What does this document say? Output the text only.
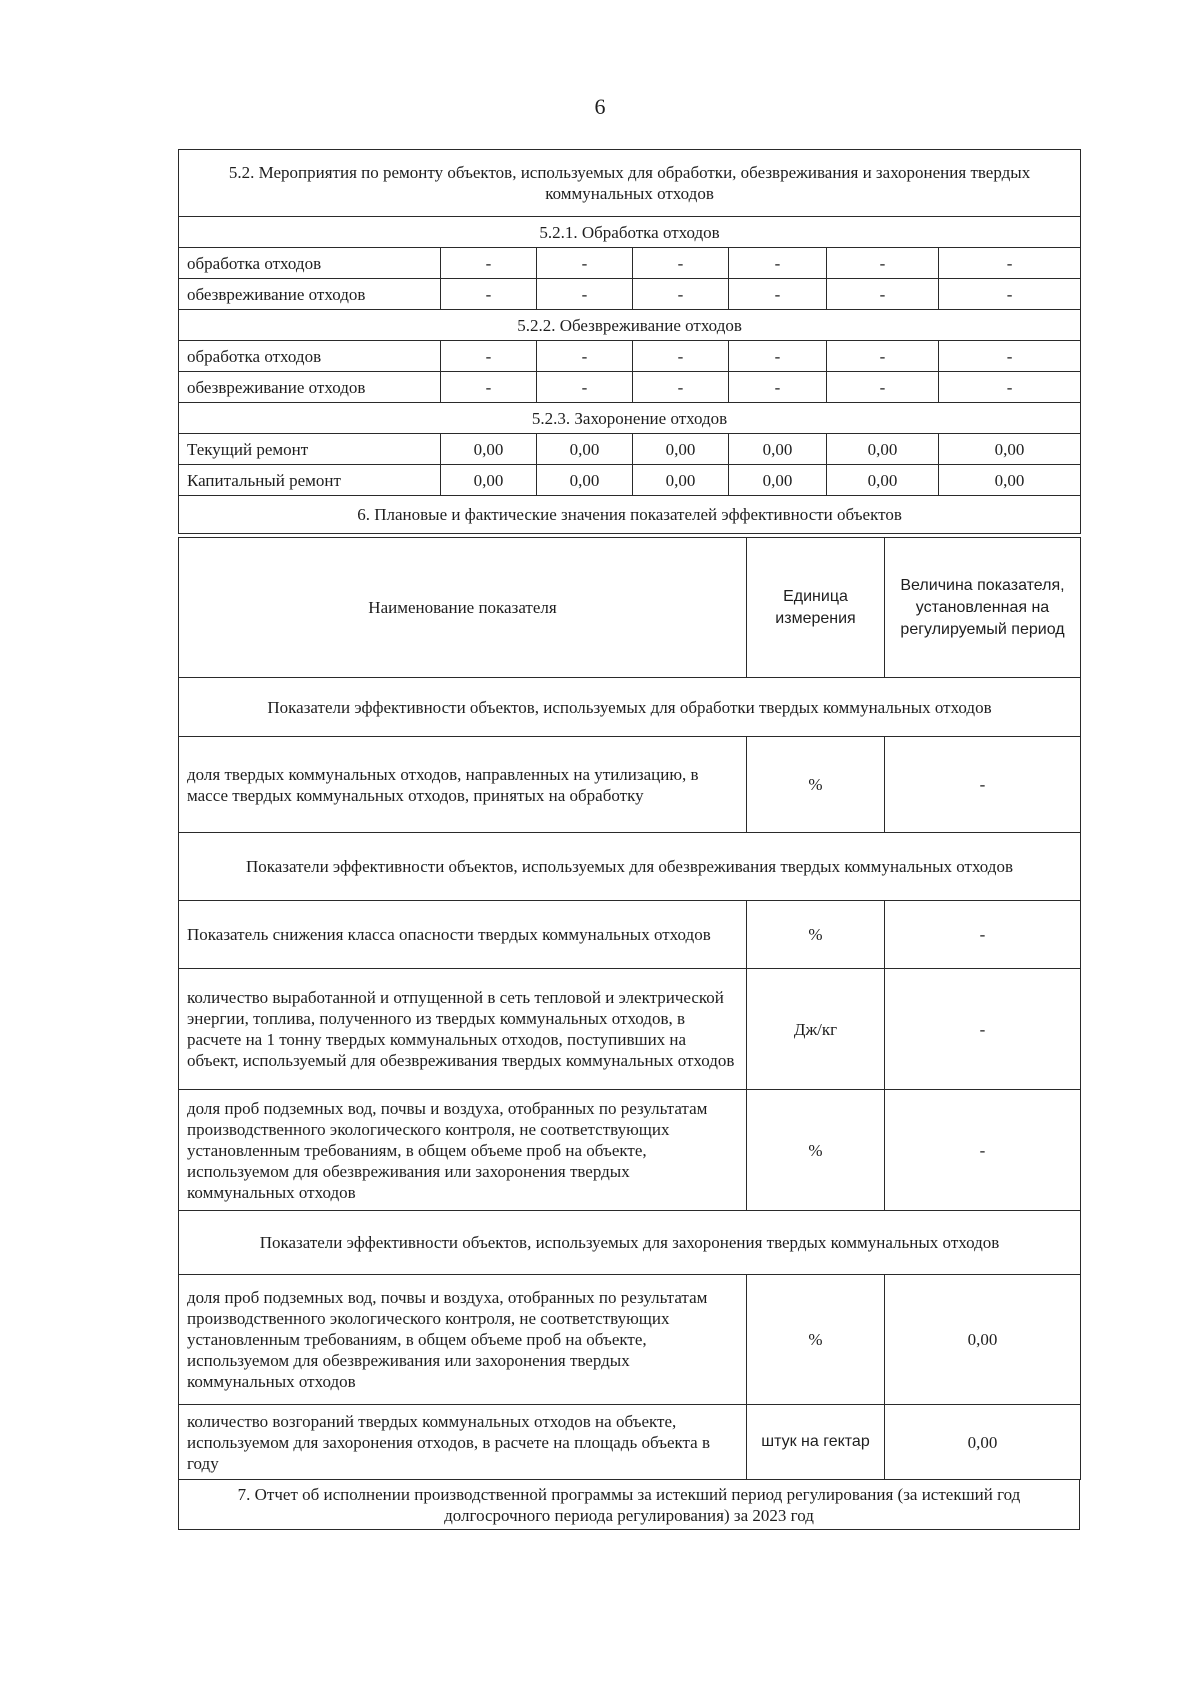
6
5.2. Мероприятия по ремонту объектов, используемых для обработки, обезвреживания и захоронения твердых коммунальных отходов						
5.2.1. Обработка отходов						
обработка отходов	-	-	-	-	-	-
обезвреживание отходов	-	-	-	-	-	-
5.2.2. Обезвреживание отходов						
обработка отходов	-	-	-	-	-	-
обезвреживание отходов	-	-	-	-	-	-
5.2.3. Захоронение отходов						
Текущий ремонт	0,00	0,00	0,00	0,00	0,00	0,00
Капитальный ремонт	0,00	0,00	0,00	0,00	0,00	0,00
6. Плановые и фактические значения показателей эффективности объектов						
Наименование показателя	Единица измерения	Величина показателя, установленная на регулируемый период
Показатели эффективности объектов, используемых для обработки твердых коммунальных отходов		
доля твердых коммунальных отходов, направленных на утилизацию, в массе твердых коммунальных отходов, принятых на обработку	%	-
Показатели эффективности объектов, используемых для обезвреживания твердых коммунальных отходов		
Показатель снижения класса опасности твердых коммунальных отходов	%	-
количество выработанной и отпущенной в сеть тепловой и электрической энергии, топлива, полученного из твердых коммунальных отходов, в расчете на 1 тонну твердых коммунальных отходов, поступивших на объект, используемый для обезвреживания твердых коммунальных отходов	Дж/кг	-
доля проб подземных вод, почвы и воздуха, отобранных по результатам производственного экологического контроля, не соответствующих установленным требованиям, в общем объеме проб на объекте, используемом для обезвреживания или захоронения твердых коммунальных отходов	%	-
Показатели эффективности объектов, используемых для захоронения твердых коммунальных отходов		
доля проб подземных вод, почвы и воздуха, отобранных по результатам производственного экологического контроля, не соответствующих установленным требованиям, в общем объеме проб на объекте, используемом для обезвреживания или захоронения твердых коммунальных отходов	%	0,00
количество возгораний твердых коммунальных отходов на объекте, используемом для захоронения отходов, в расчете на площадь объекта в году	штук на гектар	0,00
7. Отчет об исполнении производственной программы за истекший период регулирования (за истекший год долгосрочного периода регулирования) за 2023 год
